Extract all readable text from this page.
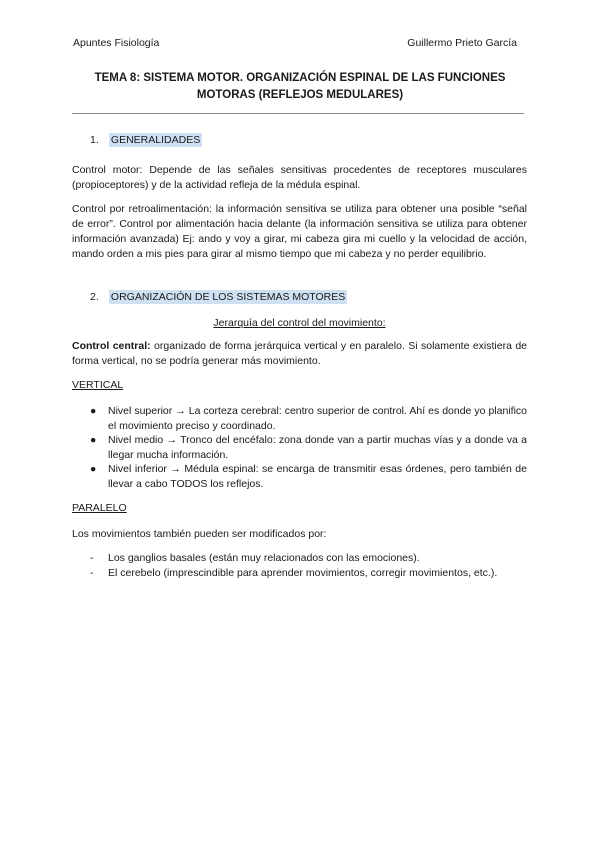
Apuntes Fisiología	Guillermo Prieto García
TEMA 8: SISTEMA MOTOR. ORGANIZACIÓN ESPINAL DE LAS FUNCIONES
MOTORAS (REFLEJOS MEDULARES)
1. GENERALIDADES
Control motor: Depende de las señales sensitivas procedentes de receptores musculares (propioceptores) y de la actividad refleja de la médula espinal.
Control por retroalimentación: la información sensitiva se utiliza para obtener una posible “señal de error”. Control por alimentación hacia delante (la información sensitiva se utiliza para obtener información avanzada) Ej: ando y voy a girar, mi cabeza gira mi cuello y la velocidad de acción, mando orden a mis pies para girar al mismo tiempo que mi cabeza y no perder equilibrio.
2. ORGANIZACIÓN DE LOS SISTEMAS MOTORES
Jerarquía del control del movimiento:
Control central: organizado de forma jerárquica vertical y en paralelo. Si solamente existiera de forma vertical, no se podría generar más movimiento.
VERTICAL
● Nivel superior → La corteza cerebral: centro superior de control. Ahí es donde yo planifico el movimiento preciso y coordinado.
● Nivel medio → Tronco del encéfalo: zona donde van a partir muchas vías y a donde va a llegar mucha información.
● Nivel inferior → Médula espinal: se encarga de transmitir esas órdenes, pero también de llevar a cabo TODOS los reflejos.
PARALELO
Los movimientos también pueden ser modificados por:
- Los ganglios basales (están muy relacionados con las emociones).
- El cerebelo (imprescindible para aprender movimientos, corregir movimientos, etc.).
